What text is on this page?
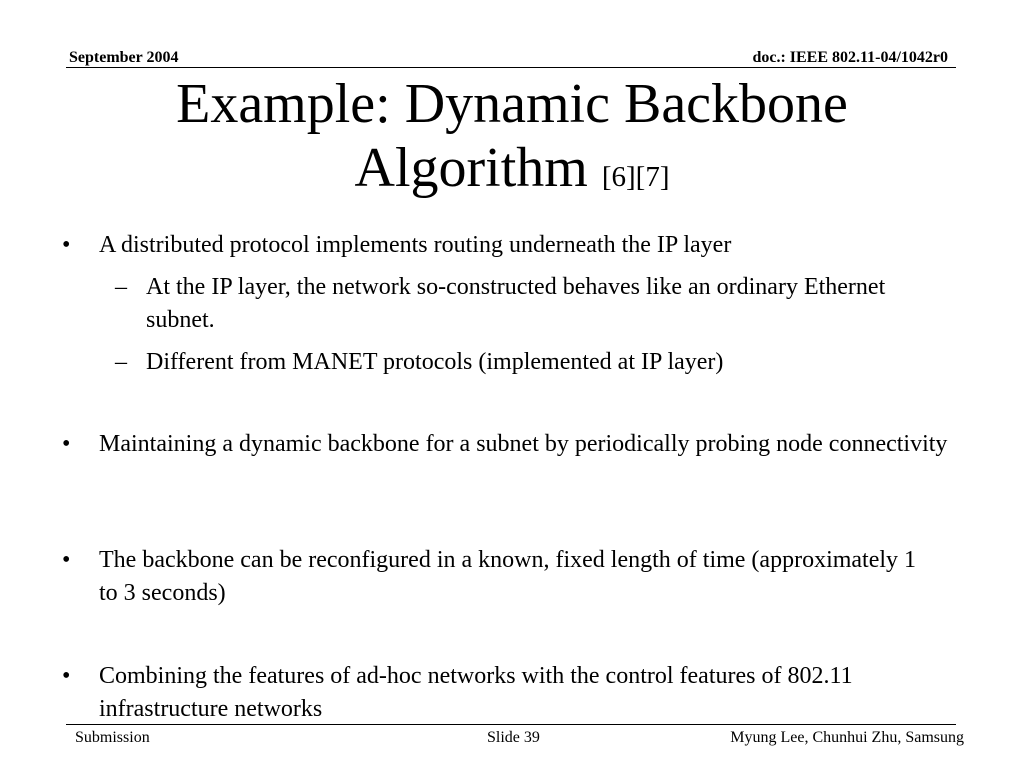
September 2004	doc.: IEEE 802.11-04/1042r0
Example: Dynamic Backbone
Algorithm [6][7]
•	A distributed protocol implements routing underneath the IP layer
– At the IP layer, the network so-constructed behaves like an ordinary Ethernet subnet.
– Different from MANET protocols (implemented at IP layer)
•	Maintaining a dynamic backbone for a subnet by periodically probing node connectivity
•	The backbone can be reconfigured in a known, fixed length of time (approximately 1 to 3 seconds)
•	Combining the features of ad-hoc networks with the control features of 802.11 infrastructure networks
Submission	Slide 39	Myung Lee, Chunhui Zhu, Samsung
